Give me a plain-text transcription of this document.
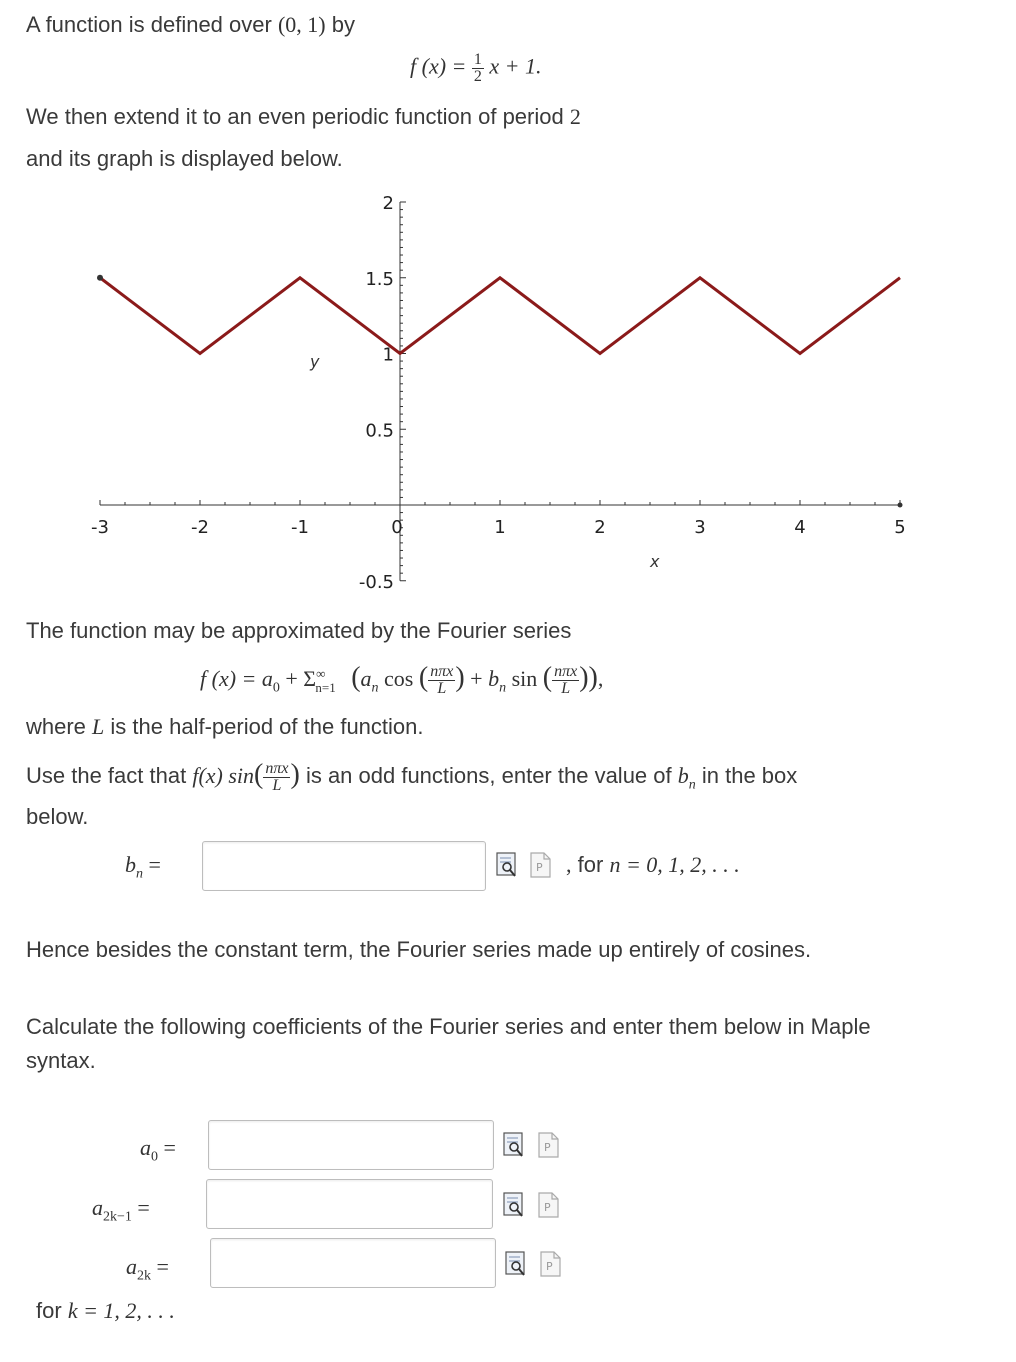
A function is defined over (0, 1) by
f $(x) = \frac{1}{2}$ x + 1.
We then extend it to an even periodic function of period 2
and its graph is displayed below.
-3	-2	-1	0	1	2	3	4	5
2
1.5
1
0.5
-0.5
x
y
The function may be approximated by the Fourier series
f $(x) = a_0 + \Sigma^\infty_{n=1}$ ($a_n$ cos ( $\frac{\text{nπx}}{L}$ ) + $b_n$ sin ( $\frac{\text{nπx}}{L}$ )),
where L is the half-period of the function.
Use the fact that f(x) $\sin( \frac{\text{nπx}}{L}$ ) is an odd functions, enter the value of $b_n$ in the box
below.
$b_n$ =	P , for n = 0, 1, 2, . . .
Hence besides the constant term, the Fourier series made up entirely of cosines.
Calculate the following coefficients of the Fourier series and enter them below in Maple
syntax.
$a_0$ =	P
$a_{2k-1}$ =	P
$a_{2k}$ =	P
for k = 1, 2, . . .
